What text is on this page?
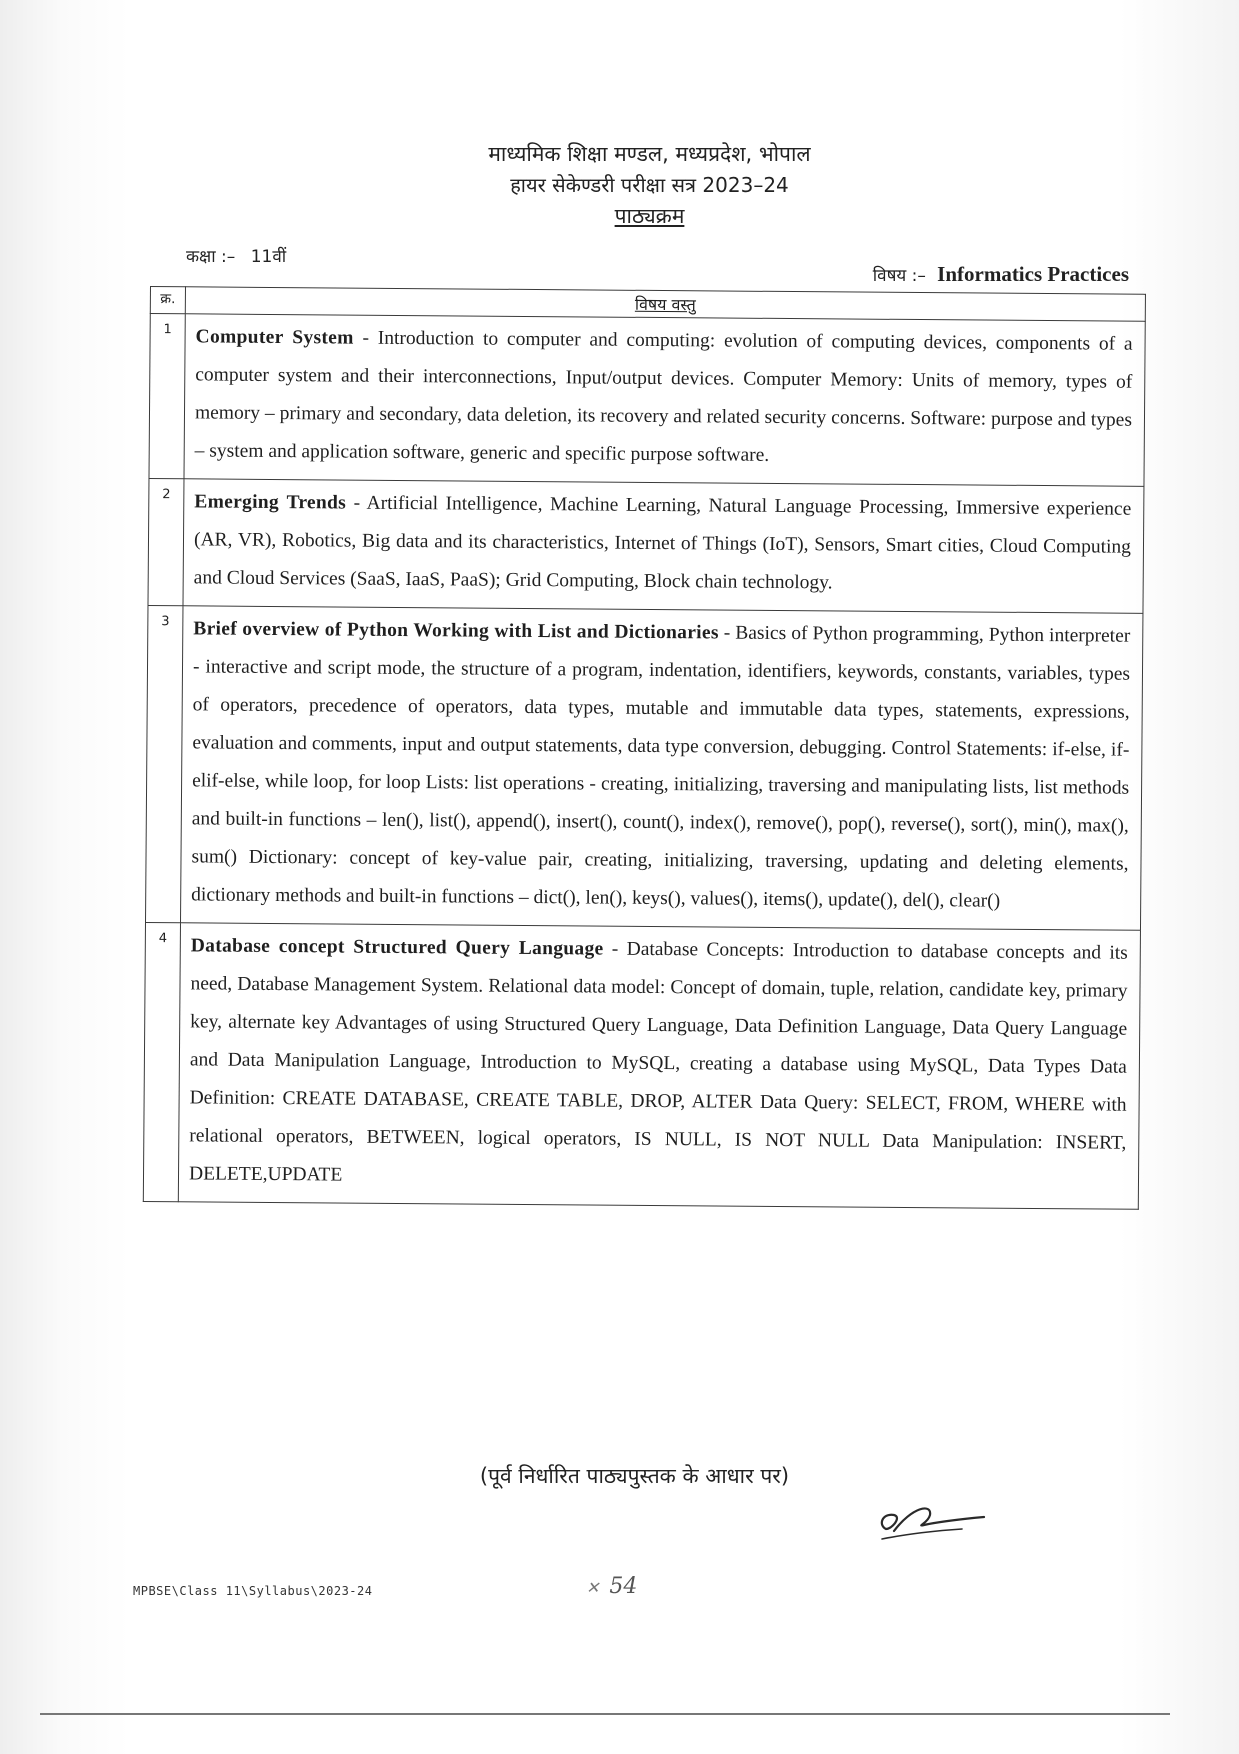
माध्यमिक शिक्षा मण्डल, मध्यप्रदेश, भोपाल
हायर सेकेण्डरी परीक्षा सत्र 2023–24
पाठ्यक्रम
कक्षा :– 11वीं
विषय :– Informatics Practices
क्र.	विषय वस्तु
1	Computer System - Introduction to computer and computing: evolution of computing devices, components of a computer system and their interconnections, Input/output devices. Computer Memory: Units of memory, types of memory – primary and secondary, data deletion, its recovery and related security concerns. Software: purpose and types – system and application software, generic and specific purpose software.
2	Emerging Trends - Artificial Intelligence, Machine Learning, Natural Language Processing, Immersive experience (AR, VR), Robotics, Big data and its characteristics, Internet of Things (IoT), Sensors, Smart cities, Cloud Computing and Cloud Services (SaaS, IaaS, PaaS); Grid Computing, Block chain technology.
3	Brief overview of Python Working with List and Dictionaries - Basics of Python programming, Python interpreter - interactive and script mode, the structure of a program, indentation, identifiers, keywords, constants, variables, types of operators, precedence of operators, data types, mutable and immutable data types, statements, expressions, evaluation and comments, input and output statements, data type conversion, debugging. Control Statements: if-else, if-elif-else, while loop, for loop Lists: list operations - creating, initializing, traversing and manipulating lists, list methods and built-in functions – len(), list(), append(), insert(), count(), index(), remove(), pop(), reverse(), sort(), min(), max(), sum() Dictionary: concept of key-value pair, creating, initializing, traversing, updating and deleting elements, dictionary methods and built-in functions – dict(), len(), keys(), values(), items(), update(), del(), clear()
4	Database concept Structured Query Language - Database Concepts: Introduction to database concepts and its need, Database Management System. Relational data model: Concept of domain, tuple, relation, candidate key, primary key, alternate key Advantages of using Structured Query Language, Data Definition Language, Data Query Language and Data Manipulation Language, Introduction to MySQL, creating a database using MySQL, Data Types Data Definition: CREATE DATABASE, CREATE TABLE, DROP, ALTER Data Query: SELECT, FROM, WHERE with relational operators, BETWEEN, logical operators, IS NULL, IS NOT NULL Data Manipulation: INSERT, DELETE,UPDATE
(पूर्व निर्धारित पाठ्यपुस्तक के आधार पर)
MPBSE\Class 11\Syllabus\2023-24	✕ 54
